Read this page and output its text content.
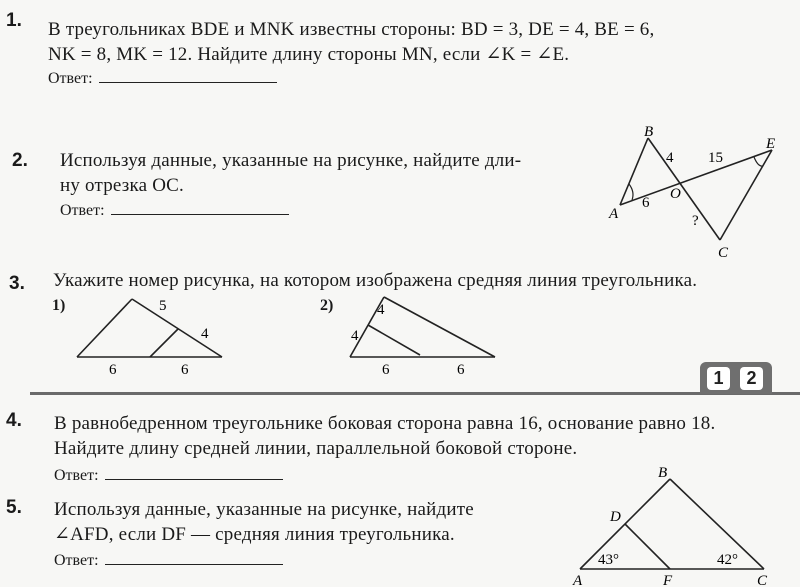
1. В треугольниках BDE и MNK известны стороны: BD = 3, DE = 4, BE = 6,
NK = 8, MK = 12. Найдите длину стороны MN, если ∠K = ∠E.
Ответ:
2. Используя данные, указанные на рисунке, найдите дли-
ну отрезка OC.
Ответ:
B
E
O
A
C
4 15
6
?
3. Укажите номер рисунка, на котором изображена средняя линия треугольника.
1)	2)
5
4
6	6
4
4
6	6	1	2
4. В равнобедренном треугольнике боковая сторона равна 16, основание равно 18.
Найдите длину средней линии, параллельной боковой стороне.
Ответ:
5. Используя данные, указанные на рисунке, найдите
∠AFD, если DF — средняя линия треугольника.
Ответ:
B
D
A	F	C
43°	42°
